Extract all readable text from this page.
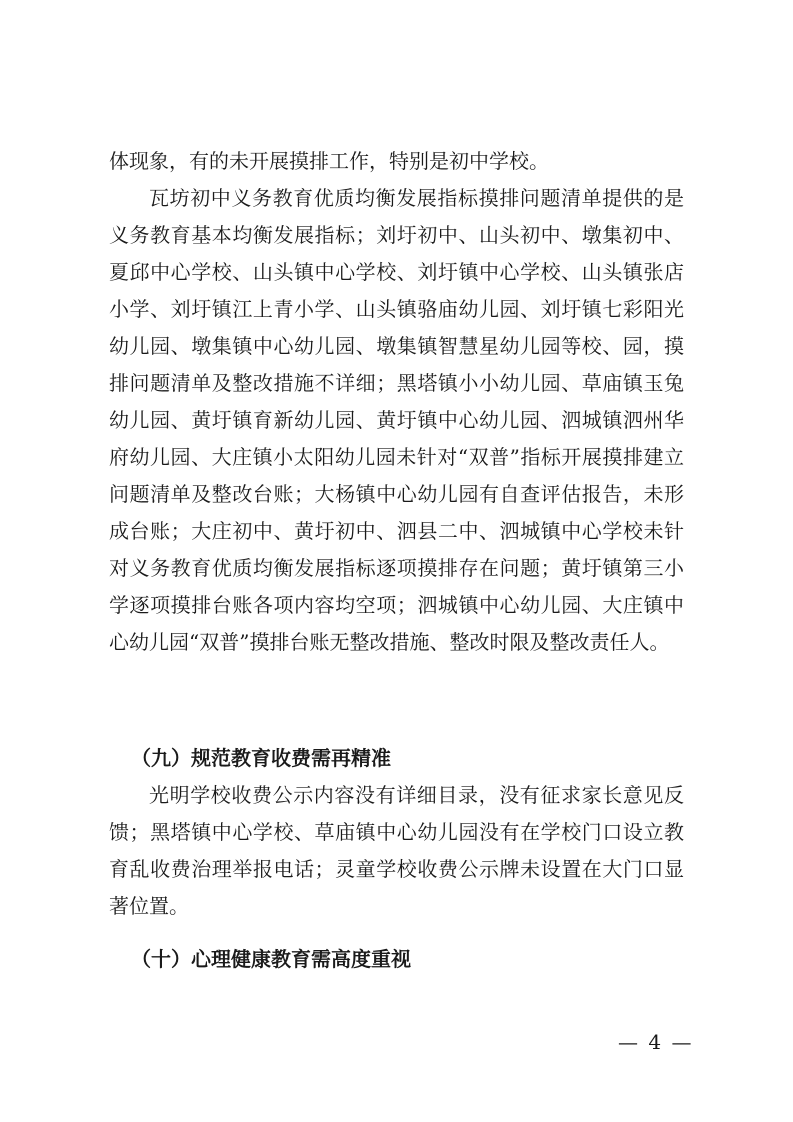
体现象，有的未开展摸排工作，特别是初中学校。

瓦坊初中义务教育优质均衡发展指标摸排问题清单提供的是义务教育基本均衡发展指标；刘圩初中、山头初中、墩集初中、夏邱中心学校、山头镇中心学校、刘圩镇中心学校、山头镇张店小学、刘圩镇江上青小学、山头镇骆庙幼儿园、刘圩镇七彩阳光幼儿园、墩集镇中心幼儿园、墩集镇智慧星幼儿园等校、园，摸排问题清单及整改措施不详细；黑塔镇小小幼儿园、草庙镇玉兔幼儿园、黄圩镇育新幼儿园、黄圩镇中心幼儿园、泗城镇泗州华府幼儿园、大庄镇小太阳幼儿园未针对“双普”指标开展摸排建立问题清单及整改台账；大杨镇中心幼儿园有自查评估报告，未形成台账；大庄初中、黄圩初中、泗县二中、泗城镇中心学校未针对义务教育优质均衡发展指标逐项摸排存在问题；黄圩镇第三小学逐项摸排台账各项内容均空项；泗城镇中心幼儿园、大庄镇中心幼儿园“双普”摸排台账无整改措施、整改时限及整改责任人。

（九）规范教育收费需再精准

光明学校收费公示内容没有详细目录，没有征求家长意见反馈；黑塔镇中心学校、草庙镇中心幼儿园没有在学校门口设立教育乱收费治理举报电话；灵童学校收费公示牌未设置在大门口显著位置。

（十）心理健康教育需高度重视

— 4 —
